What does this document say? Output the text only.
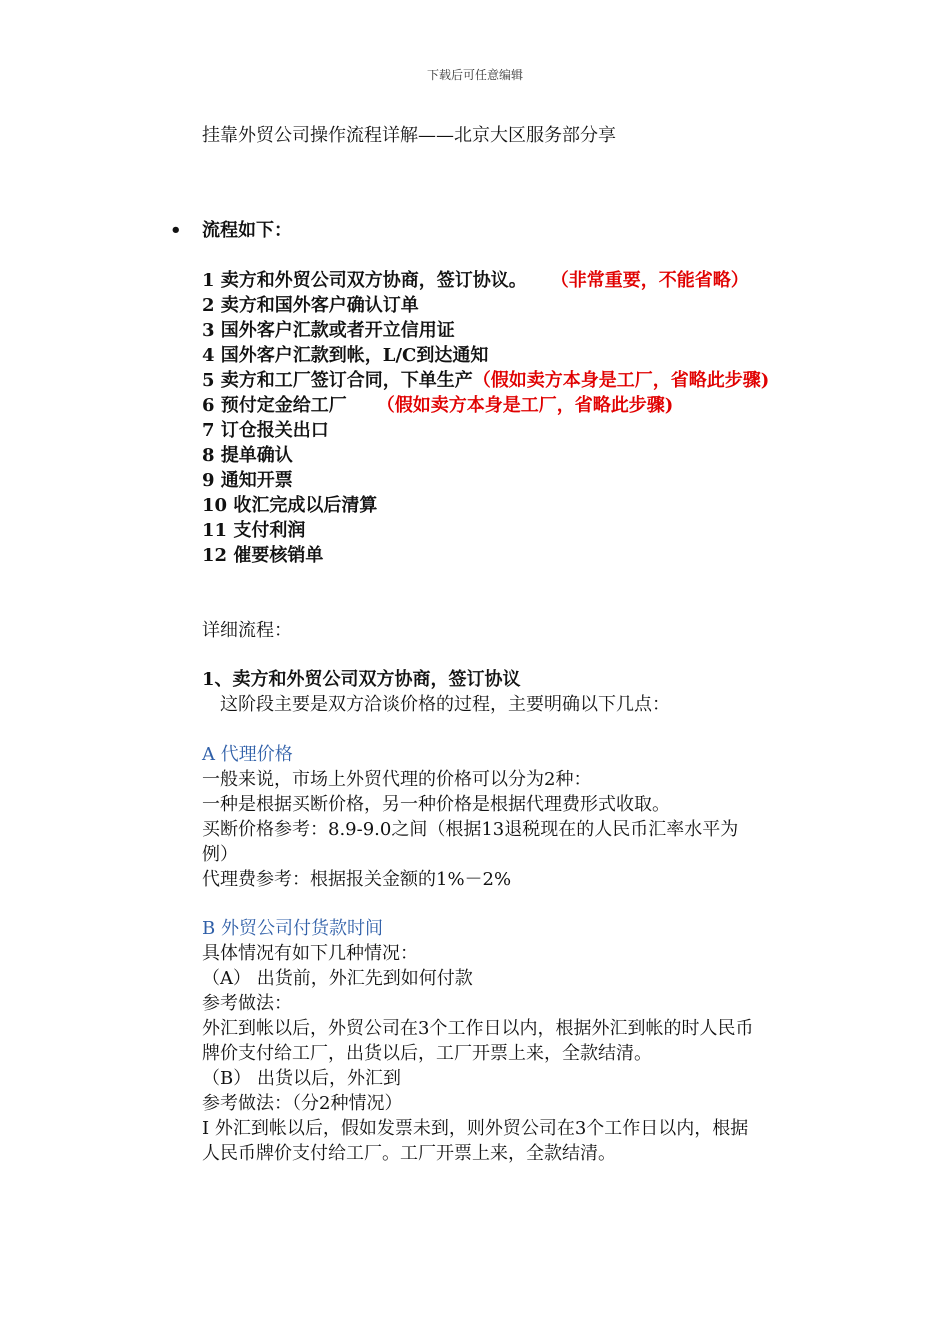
下载后可任意编辑
挂靠外贸公司操作流程详解——北京大区服务部分享
• 流程如下：
1 卖方和外贸公司双方协商，签订协议。 （非常重要，不能省略）
2 卖方和国外客户确认订单
3 国外客户汇款或者开立信用证
4 国外客户汇款到帐，L/C到达通知
5 卖方和工厂签订合同，下单生产（假如卖方本身是工厂，省略此步骤)
6 预付定金给工厂 （假如卖方本身是工厂，省略此步骤)
7 订仓报关出口
8 提单确认
9 通知开票
10 收汇完成以后清算
11 支付利润
12 催要核销单
详细流程：
1、卖方和外贸公司双方协商，签订协议
这阶段主要是双方洽谈价格的过程，主要明确以下几点：
A 代理价格
一般来说，市场上外贸代理的价格可以分为2种：
一种是根据买断价格，另一种价格是根据代理费形式收取。
买断价格参考：8.9-9.0之间（根据13退税现在的人民币汇率水平为
例）
代理费参考：根据报关金额的1%－2%
B 外贸公司付货款时间
具体情况有如下几种情况：
（A） 出货前，外汇先到如何付款
参考做法：
外汇到帐以后，外贸公司在3个工作日以内，根据外汇到帐的时人民币
牌价支付给工厂，出货以后，工厂开票上来，全款结清。
（B） 出货以后，外汇到
参考做法：（分2种情况）
I 外汇到帐以后，假如发票未到，则外贸公司在3个工作日以内，根据
人民币牌价支付给工厂。工厂开票上来，全款结清。
